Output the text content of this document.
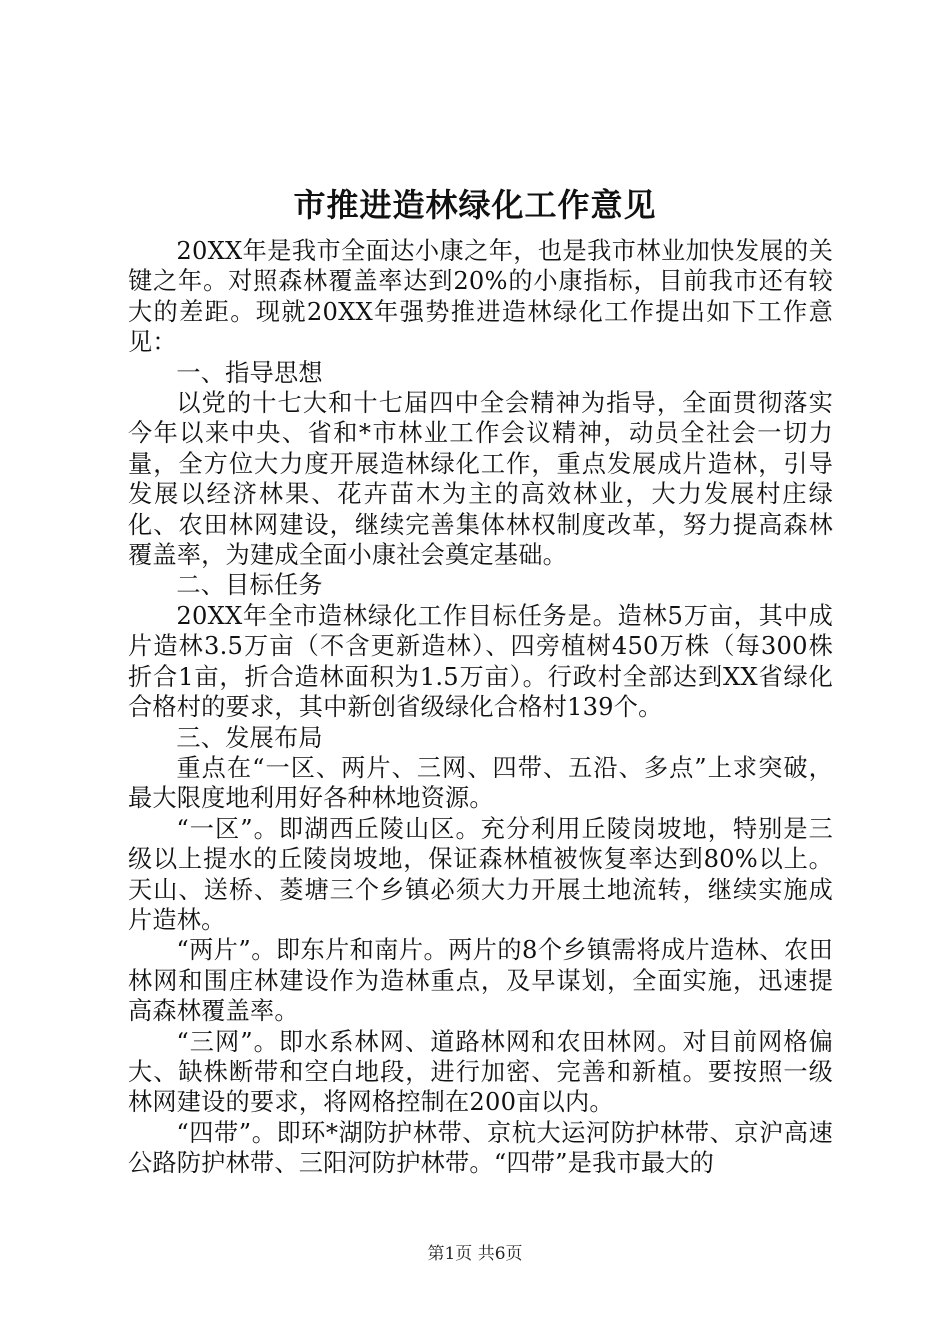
市推进造林绿化工作意见

20XX年是我市全面达小康之年，也是我市林业加快发展的关键之年。对照森林覆盖率达到20%的小康指标，目前我市还有较大的差距。现就20XX年强势推进造林绿化工作提出如下工作意见：

一、指导思想

以党的十七大和十七届四中全会精神为指导，全面贯彻落实今年以来中央、省和*市林业工作会议精神，动员全社会一切力量，全方位大力度开展造林绿化工作，重点发展成片造林，引导发展以经济林果、花卉苗木为主的高效林业，大力发展村庄绿化、农田林网建设，继续完善集体林权制度改革，努力提高森林覆盖率，为建成全面小康社会奠定基础。

二、目标任务

20XX年全市造林绿化工作目标任务是。造林5万亩，其中成片造林3.5万亩（不含更新造林）、四旁植树450万株（每300株折合1亩，折合造林面积为1.5万亩）。行政村全部达到XX省绿化合格村的要求，其中新创省级绿化合格村139个。

三、发展布局

重点在“一区、两片、三网、四带、五沿、多点”上求突破，最大限度地利用好各种林地资源。

“一区”。即湖西丘陵山区。充分利用丘陵岗坡地，特别是三级以上提水的丘陵岗坡地，保证森林植被恢复率达到80%以上。天山、送桥、菱塘三个乡镇必须大力开展土地流转，继续实施成片造林。

“两片”。即东片和南片。两片的8个乡镇需将成片造林、农田林网和围庄林建设作为造林重点，及早谋划，全面实施，迅速提高森林覆盖率。

“三网”。即水系林网、道路林网和农田林网。对目前网格偏大、缺株断带和空白地段，进行加密、完善和新植。要按照一级林网建设的要求，将网格控制在200亩以内。

“四带”。即环*湖防护林带、京杭大运河防护林带、京沪高速公路防护林带、三阳河防护林带。“四带”是我市最大的

第1页 共6页
